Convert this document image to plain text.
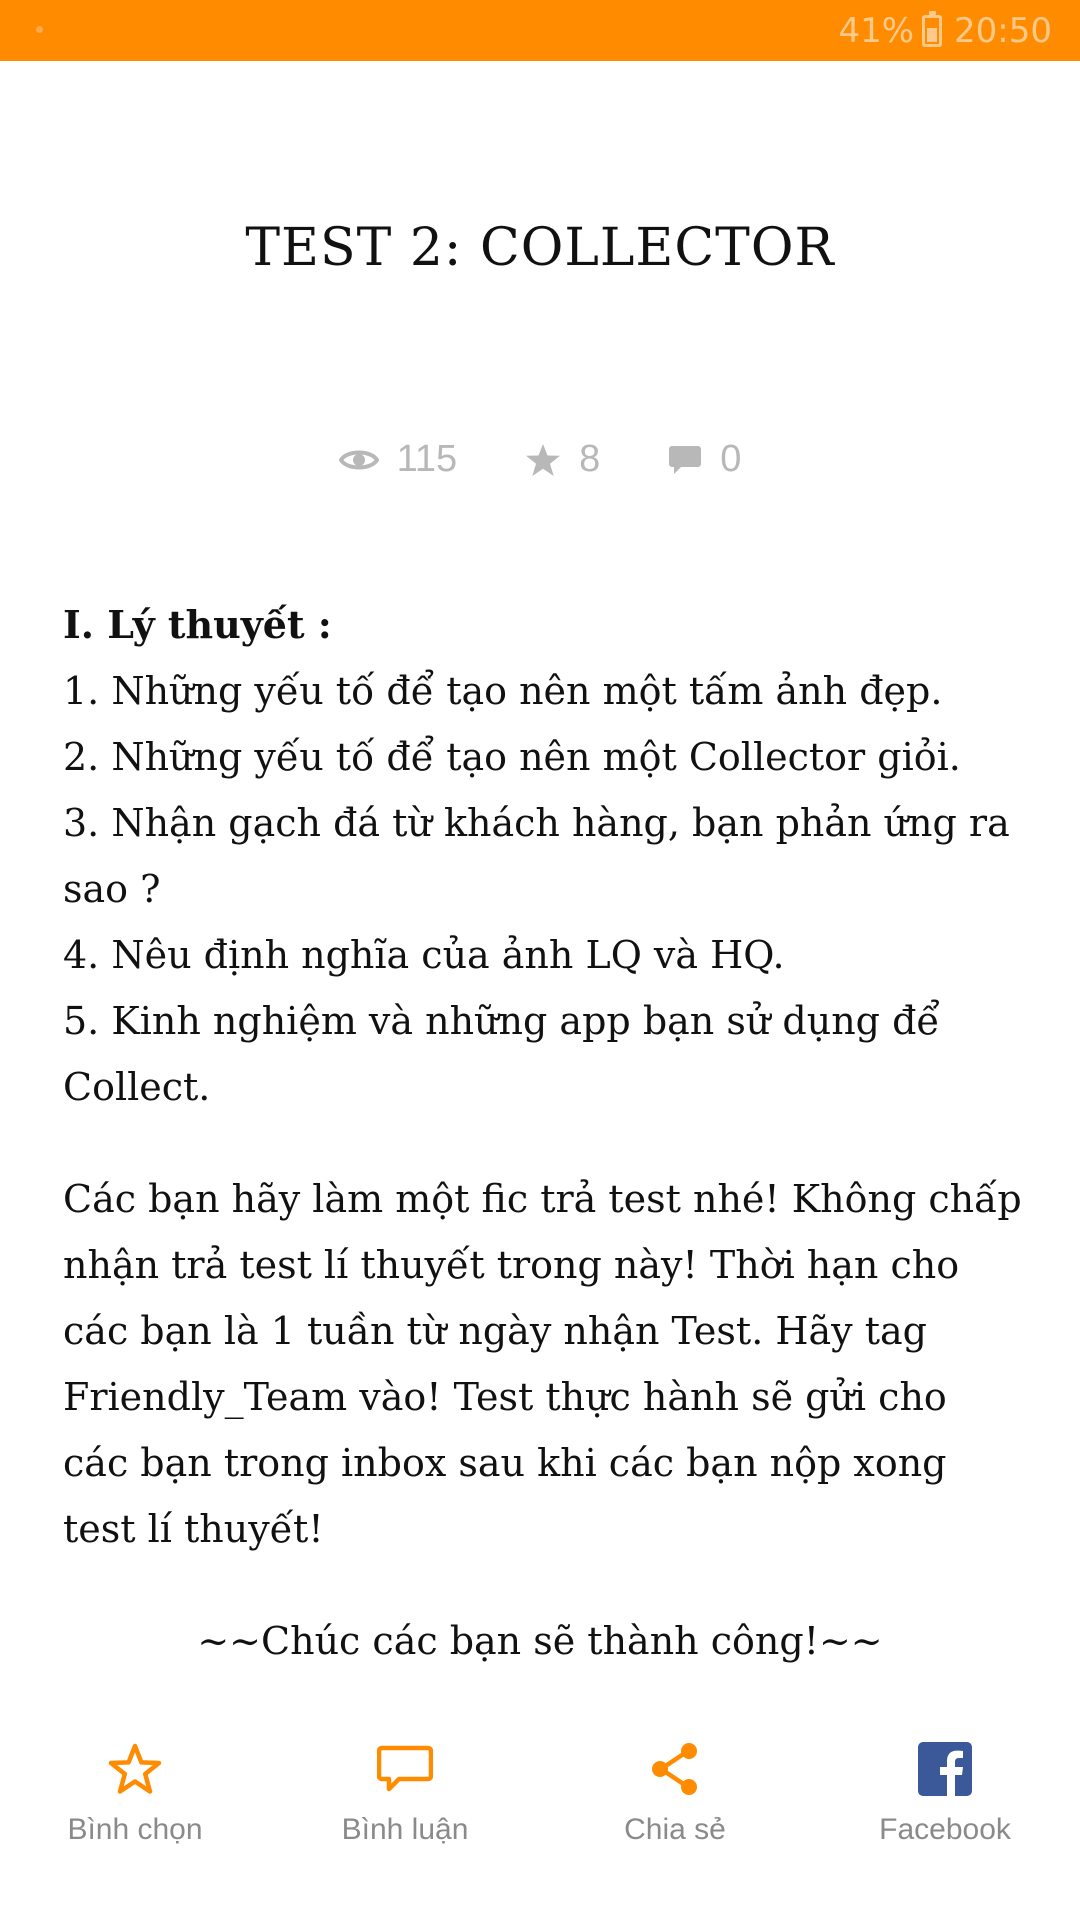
41% 20:50
TEST 2: COLLECTOR
115	8	0

I. Lý thuyết :

1. Những yếu tố để tạo nên một tấm ảnh đẹp.

2. Những yếu tố để tạo nên một Collector giỏi.

3. Nhận gạch đá từ khách hàng, bạn phản ứng ra sao ?

4. Nêu định nghĩa của ảnh LQ và HQ.

5. Kinh nghiệm và những app bạn sử dụng để Collect.

Các bạn hãy làm một fic trả test nhé! Không chấp nhận trả test lí thuyết trong này! Thời hạn cho các bạn là 1 tuần từ ngày nhận Test. Hãy tag Friendly_Team vào! Test thực hành sẽ gửi cho các bạn trong inbox sau khi các bạn nộp xong test lí thuyết!

~~Chúc các bạn sẽ thành công!~~

Bình chọn	Bình luận	Chia sẻ	Facebook
